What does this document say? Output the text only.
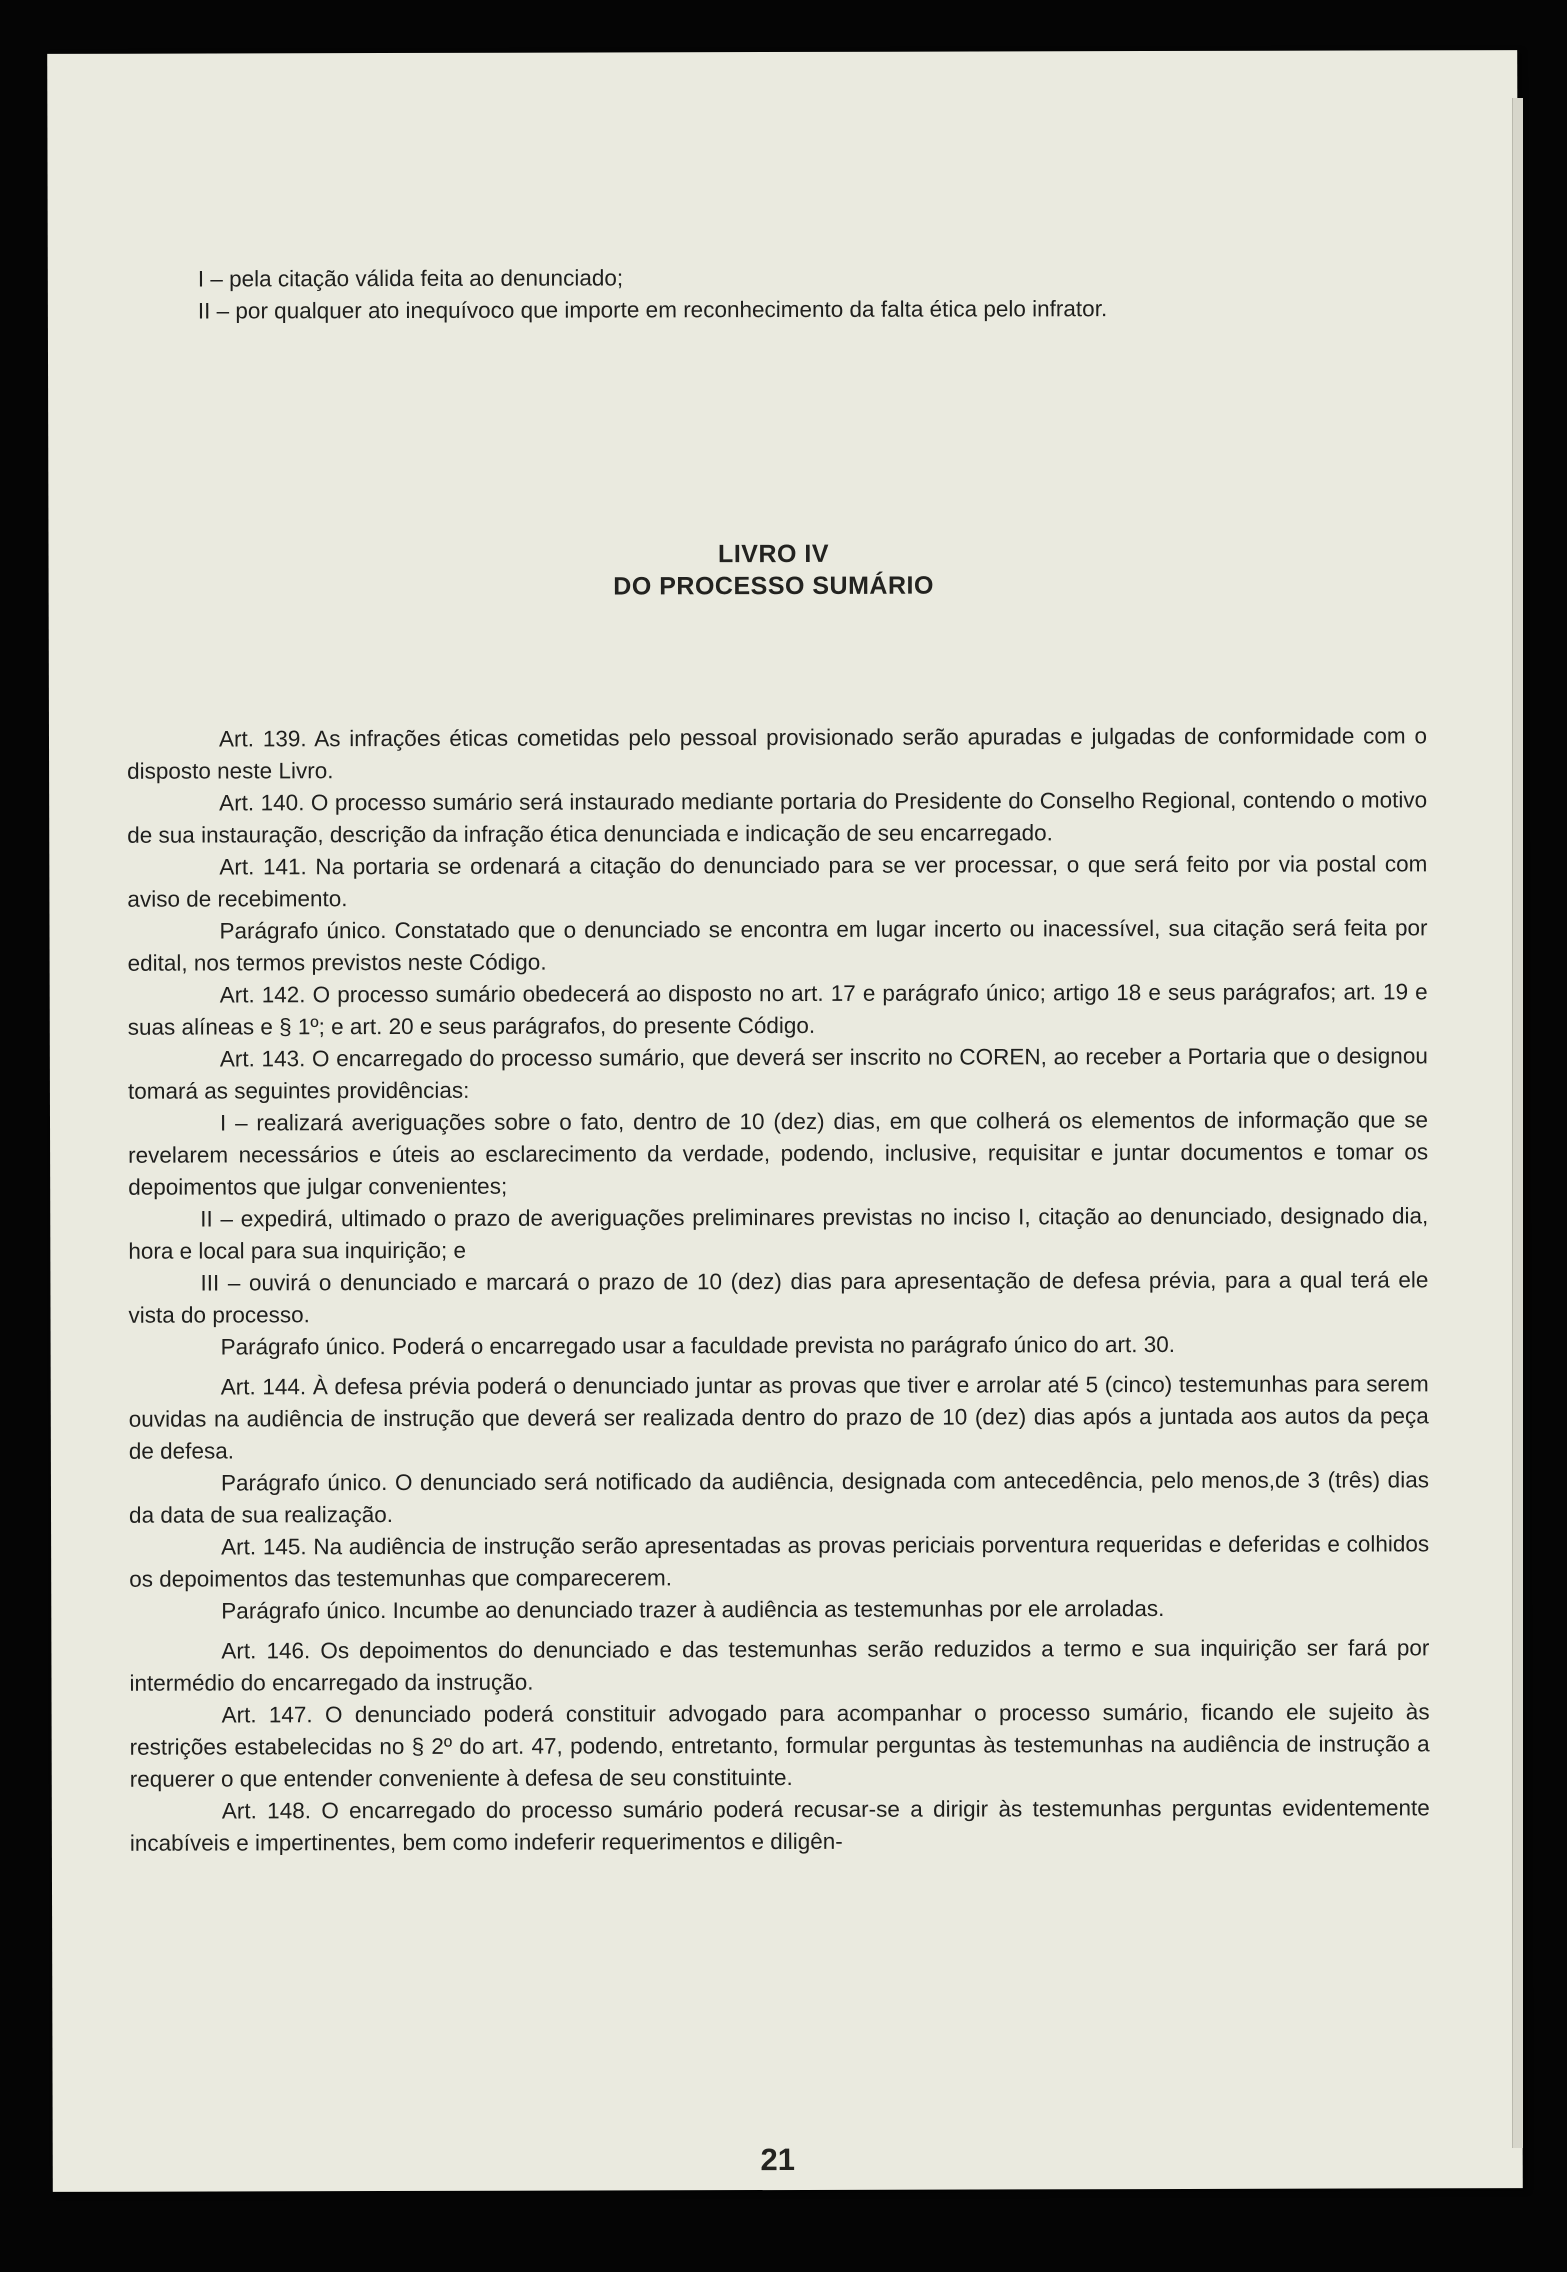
I – pela citação válida feita ao denunciado;

II – por qualquer ato inequívoco que importe em reconhecimento da falta ética pelo infrator.

LIVRO IV
DO PROCESSO SUMÁRIO

Art. 139. As infrações éticas cometidas pelo pessoal provisionado serão apuradas e julgadas de conformidade com o disposto neste Livro.

Art. 140. O processo sumário será instaurado mediante portaria do Presidente do Conselho Regional, contendo o motivo de sua instauração, descrição da infração ética denunciada e indicação de seu encarregado.

Art. 141. Na portaria se ordenará a citação do denunciado para se ver processar, o que será feito por via postal com aviso de recebimento.

Parágrafo único. Constatado que o denunciado se encontra em lugar incerto ou inacessível, sua citação será feita por edital, nos termos previstos neste Código.

Art. 142. O processo sumário obedecerá ao disposto no art. 17 e parágrafo único; artigo 18 e seus parágrafos; art. 19 e suas alíneas e § 1º; e art. 20 e seus parágrafos, do presente Código.

Art. 143. O encarregado do processo sumário, que deverá ser inscrito no COREN, ao receber a Portaria que o designou tomará as seguintes providências:

I – realizará averiguações sobre o fato, dentro de 10 (dez) dias, em que colherá os elementos de informação que se revelarem necessários e úteis ao esclarecimento da verdade, podendo, inclusive, requisitar e juntar documentos e tomar os depoimentos que julgar convenientes;

II – expedirá, ultimado o prazo de averiguações preliminares previstas no inciso I, citação ao denunciado, designado dia, hora e local para sua inquirição; e

III – ouvirá o denunciado e marcará o prazo de 10 (dez) dias para apresentação de defesa prévia, para a qual terá ele vista do processo.

Parágrafo único. Poderá o encarregado usar a faculdade prevista no parágrafo único do art. 30.

Art. 144. À defesa prévia poderá o denunciado juntar as provas que tiver e arrolar até 5 (cinco) testemunhas para serem ouvidas na audiência de instrução que deverá ser realizada dentro do prazo de 10 (dez) dias após a juntada aos autos da peça de defesa.

Parágrafo único. O denunciado será notificado da audiência, designada com antecedência, pelo menos,de 3 (três) dias da data de sua realização.

Art. 145. Na audiência de instrução serão apresentadas as provas periciais porventura requeridas e deferidas e colhidos os depoimentos das testemunhas que comparecerem.

Parágrafo único. Incumbe ao denunciado trazer à audiência as testemunhas por ele arroladas.

Art. 146. Os depoimentos do denunciado e das testemunhas serão reduzidos a termo e sua inquirição ser fará por intermédio do encarregado da instrução.

Art. 147. O denunciado poderá constituir advogado para acompanhar o processo sumário, ficando ele sujeito às restrições estabelecidas no § 2º do art. 47, podendo, entretanto, formular perguntas às testemunhas na audiência de instrução a requerer o que entender conveniente à defesa de seu constituinte.

Art. 148. O encarregado do processo sumário poderá recusar-se a dirigir às testemunhas perguntas evidentemente incabíveis e impertinentes, bem como indeferir requerimentos e diligên-

21
